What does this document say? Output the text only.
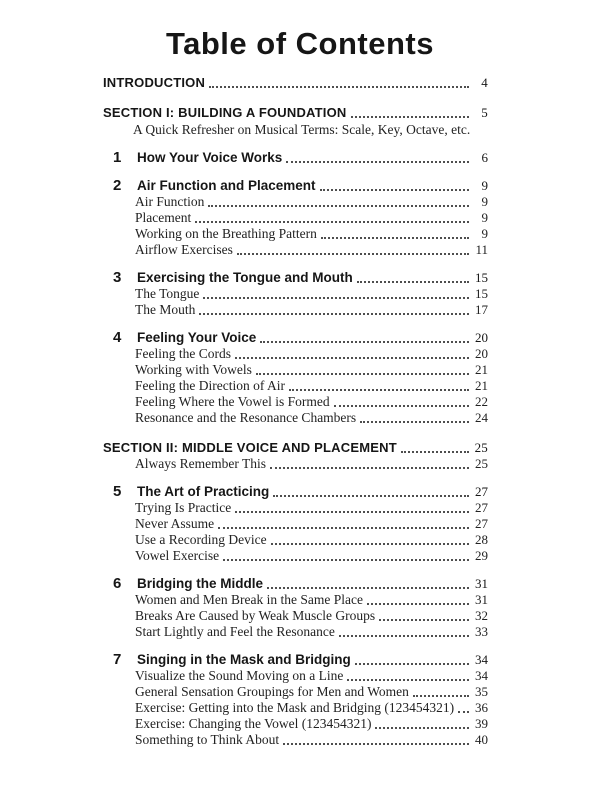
Table of Contents
INTRODUCTION	4
SECTION I: BUILDING A FOUNDATION	5
A Quick Refresher on Musical Terms: Scale, Key, Octave, etc.
1	How Your Voice Works	6
2	Air Function and Placement	9
Air Function	9
Placement	9
Working on the Breathing Pattern	9
Airflow Exercises	11
3	Exercising the Tongue and Mouth	15
The Tongue	15
The Mouth	17
4	Feeling Your Voice	20
Feeling the Cords	20
Working with Vowels	21
Feeling the Direction of Air	21
Feeling Where the Vowel is Formed	22
Resonance and the Resonance Chambers	24
SECTION II: MIDDLE VOICE AND PLACEMENT	25
Always Remember This	25
5	The Art of Practicing	27
Trying Is Practice	27
Never Assume	27
Use a Recording Device	28
Vowel Exercise	29
6	Bridging the Middle	31
Women and Men Break in the Same Place	31
Breaks Are Caused by Weak Muscle Groups	32
Start Lightly and Feel the Resonance	33
7	Singing in the Mask and Bridging	34
Visualize the Sound Moving on a Line	34
General Sensation Groupings for Men and Women	35
Exercise: Getting into the Mask and Bridging (123454321) 36
Exercise: Changing the Vowel (123454321)	39
Something to Think About	40
